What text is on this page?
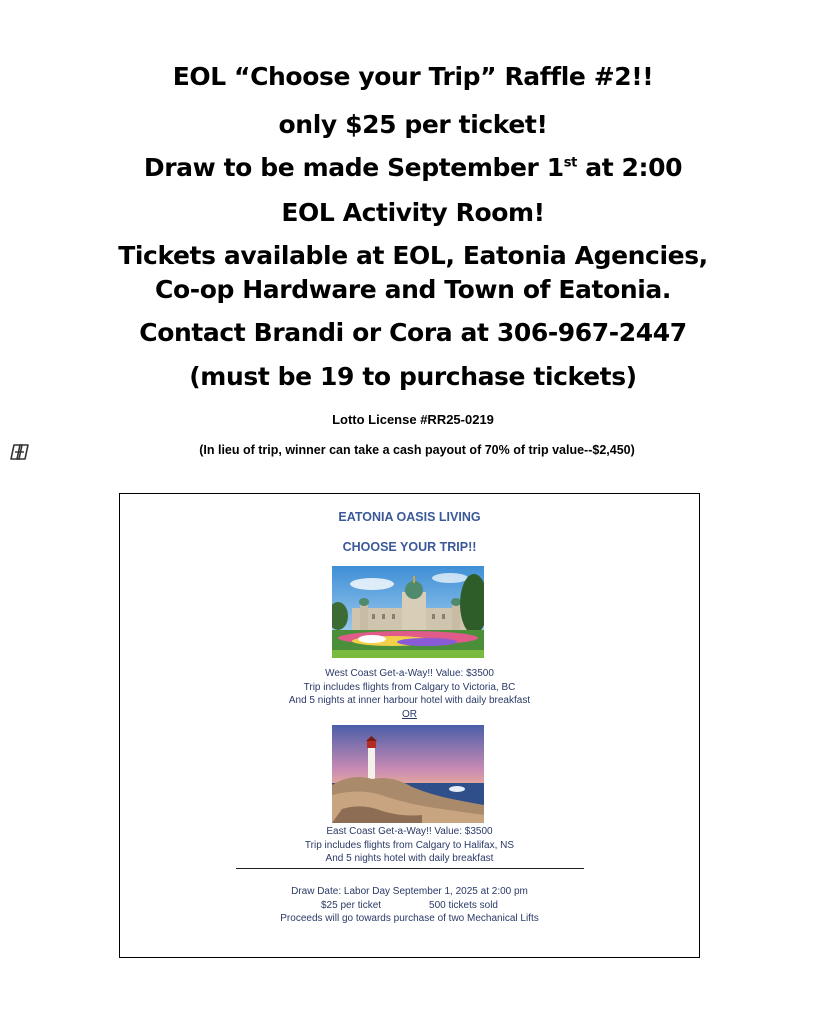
EOL “Choose your Trip” Raffle #2!!
only $25 per ticket!
Draw to be made September 1st at 2:00
EOL Activity Room!
Tickets available at EOL, Eatonia Agencies,
Co-op Hardware and Town of Eatonia.
Contact Brandi or Cora at 306-967-2447
(must be 19 to purchase tickets)
Lotto License #RR25-0219
(In lieu of trip, winner can take a cash payout of 70% of trip value--$2,450)
EATONIA OASIS LIVING
CHOOSE YOUR TRIP!!
West Coast Get-a-Way!! Value: $3500
Trip includes flights from Calgary to Victoria, BC
And 5 nights at inner harbour hotel with daily breakfast
OR
East Coast Get-a-Way!! Value: $3500
Trip includes flights from Calgary to Halifax, NS
And 5 nights hotel with daily breakfast
Draw Date: Labor Day September 1, 2025 at 2:00 pm
$25 per ticket	500 tickets sold
Proceeds will go towards purchase of two Mechanical Lifts
